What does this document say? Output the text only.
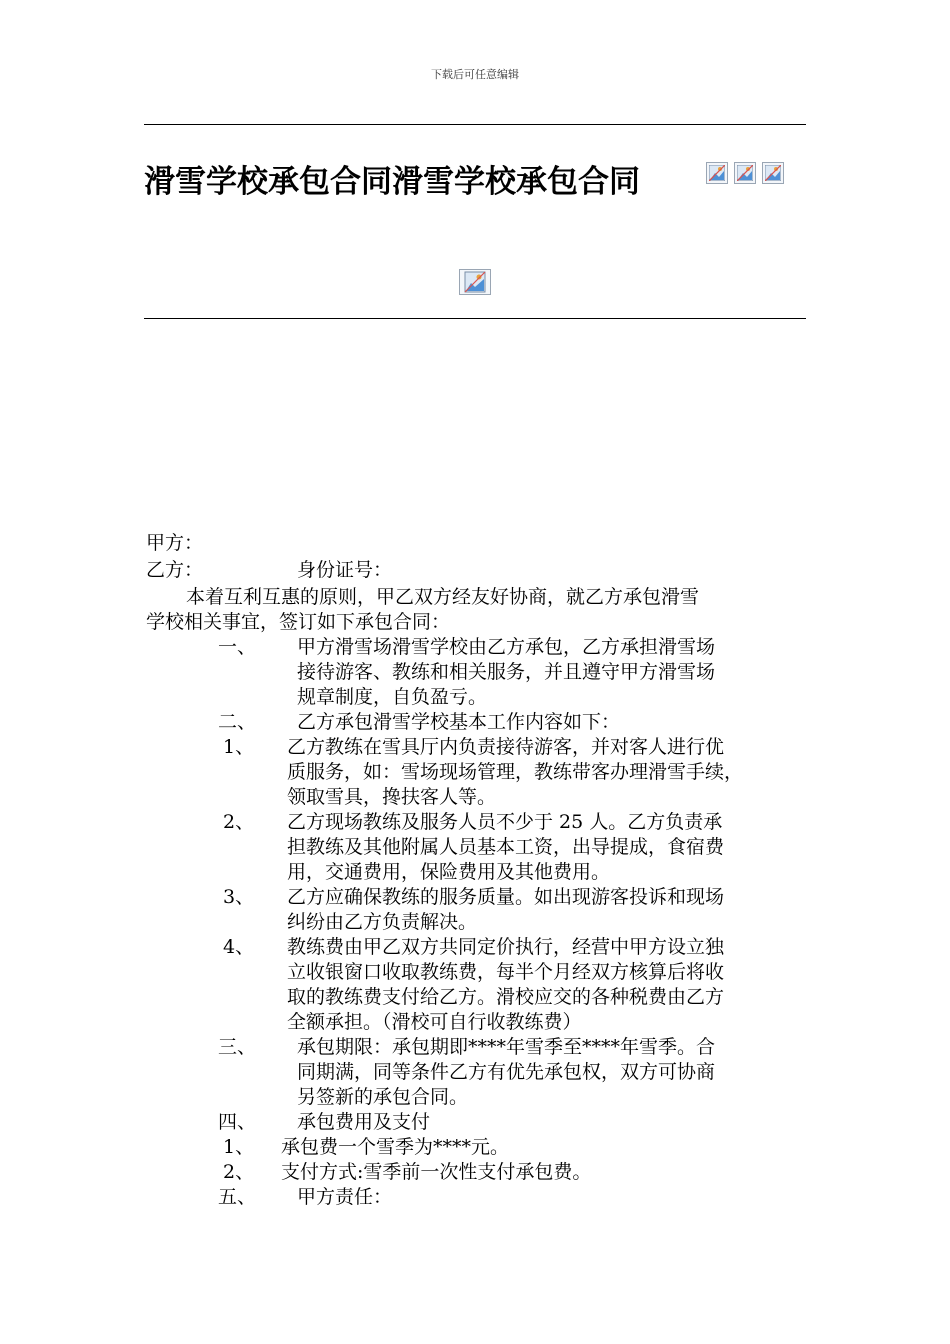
下载后可任意编辑
滑雪学校承包合同滑雪学校承包合同
甲方：
乙方：	身份证号：
本着互利互惠的原则，甲乙双方经友好协商，就乙方承包滑雪
学校相关事宜，签订如下承包合同：
一、 甲方滑雪场滑雪学校由乙方承包，乙方承担滑雪场
接待游客、教练和相关服务，并且遵守甲方滑雪场
规章制度，自负盈亏。
二、 乙方承包滑雪学校基本工作内容如下：
1、 乙方教练在雪具厅内负责接待游客，并对客人进行优
质服务，如：雪场现场管理，教练带客办理滑雪手续，
领取雪具，搀扶客人等。
2、 乙方现场教练及服务人员不少于 25 人。乙方负责承
担教练及其他附属人员基本工资，出导提成，食宿费
用，交通费用，保险费用及其他费用。
3、 乙方应确保教练的服务质量。如出现游客投诉和现场
纠纷由乙方负责解决。
4、 教练费由甲乙双方共同定价执行，经营中甲方设立独
立收银窗口收取教练费，每半个月经双方核算后将收
取的教练费支付给乙方。滑校应交的各种税费由乙方
全额承担。（滑校可自行收教练费）
三、 承包期限：承包期即****年雪季至****年雪季。合
同期满，同等条件乙方有优先承包权，双方可协商
另签新的承包合同。
四、 承包费用及支付
1、 承包费一个雪季为****元。
2、 支付方式:雪季前一次性支付承包费。
五、 甲方责任：
